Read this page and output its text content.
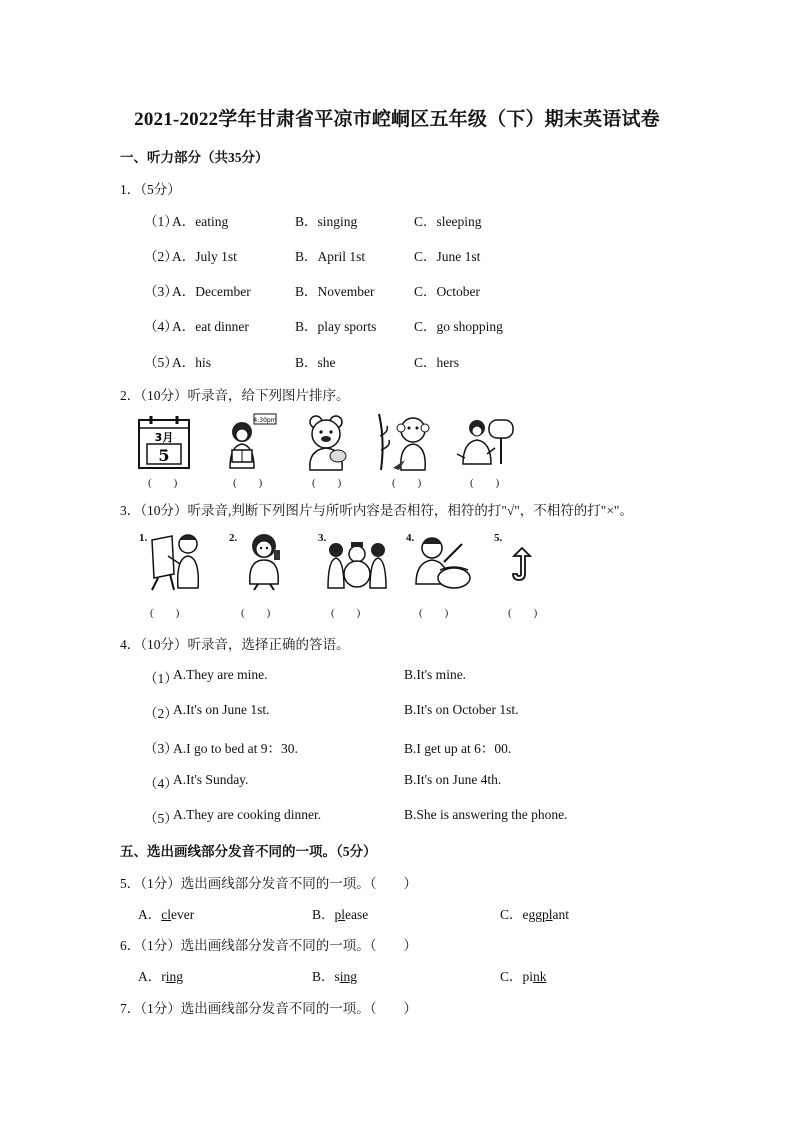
2021-2022学年甘肃省平凉市崆峒区五年级（下）期末英语试卷
一、听力部分（共35分）
1．（5分）
（1）
A．eating	B．singing	C．sleeping
（2）
A．July 1st	B．April 1st	C．June 1st
（3）
A．December	B．November	C．October
（4）
A．eat dinner	B．play sports	C．go shopping
（5）
A．his	B．she	C．hers
2．（10分）听录音，给下列图片排序。
3月
5
(　　)
4:30pm
(　　)	(　　)	(　　)	(　　)
3．（10分）听录音,判断下列图片与所听内容是否相符，相符的打"√"，不相符的打"×"。
1.
(　　)
2.
(　　)
3.
(　　)
4.
(　　)
5.
(　　)
4．（10分）听录音，选择正确的答语。
（1）
A.They are mine.	B.It's mine.
（2）
A.It's on June 1st.	B.It's on October 1st.
（3）
A.I go to bed at 9：30.	B.I get up at 6：00.
（4）
A.It's Sunday.	B.It's on June 4th.
（5）
A.They are cooking dinner.	B.She is answering the phone.
五、选出画线部分发音不同的一项。（5分）
5．（1分）选出画线部分发音不同的一项。（　　）
A．clever	B．please	C．eggplant
6．（1分）选出画线部分发音不同的一项。（　　）
A．ring	B．sing	C．pink
7．（1分）选出画线部分发音不同的一项。（　　）
